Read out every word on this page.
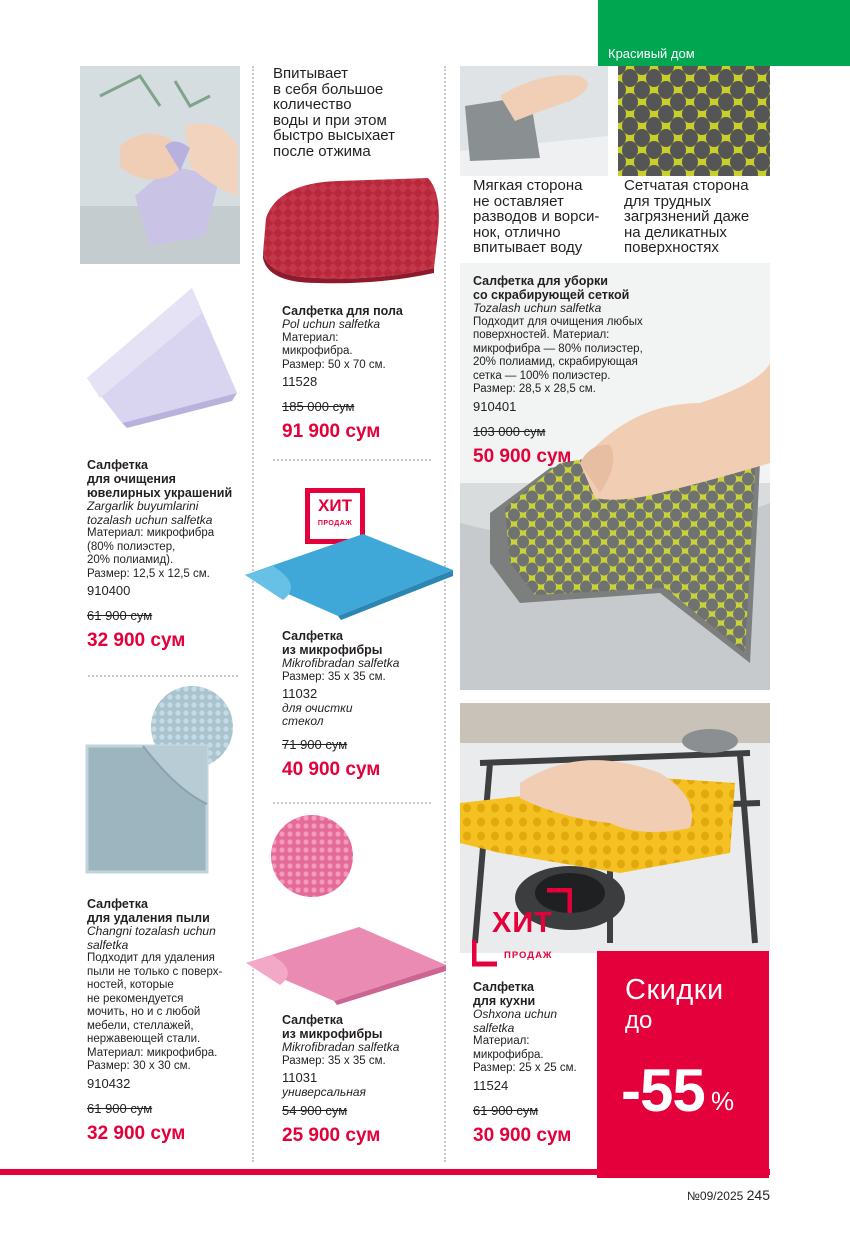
Красивый дом
Салфетка
для очищения
ювелирных украшений
Zargarlik buyumlarini
tozalash uchun salfetka
Материал: микрофибра
(80% полиэстер,
20% полиамид).
Размер: 12,5 х 12,5 см.
910400
61 900 сум
32 900 сум
Салфетка
для удаления пыли
Changni tozalash uchun
salfetka
Подходит для удаления
пыли не только с поверх-
ностей, которые
не рекомендуется
мочить, но и с любой
мебели, стеллажей,
нержавеющей стали.
Материал: микрофибра.
Размер: 30 х 30 см.
910432
61 900 сум
32 900 сум
Впитывает
в себя большое
количество
воды и при этом
быстро высыхает
после отжима
Салфетка для пола
Pol uchun salfetka
Материал:
микрофибра.
Размер: 50 х 70 см.
11528
185 000 сум
91 900 сум
ХИТ
ПРОДАЖ
Салфетка
из микрофибры
Mikrofibradan salfetka
Размер: 35 х 35 см.
11032
для очистки
стекол
71 900 сум
40 900 сум
Салфетка
из микрофибры
Mikrofibradan salfetka
Размер: 35 х 35 см.
11031
универсальная
54 900 сум
25 900 сум
Мягкая сторона
не оставляет
разводов и ворси-
нок, отлично
впитывает воду
Сетчатая сторона
для трудных
загрязнений даже
на деликатных
поверхностях
Салфетка для уборки
со скрабирующей сеткой
Tozalash uchun salfetka
Подходит для очищения любых
поверхностей. Материал:
микрофибра — 80% полиэстер,
20% полиамид, скрабирующая
сетка — 100% полиэстер.
Размер: 28,5 х 28,5 см.
910401
103 000 сум
50 900 сум
ХИТ
ПРОДАЖ
Салфетка
для кухни
Oshxona uchun
salfetka
Материал:
микрофибра.
Размер: 25 х 25 см.
11524
61 900 сум
30 900 сум
Скидки
до
-55 %
№09/2025 245
